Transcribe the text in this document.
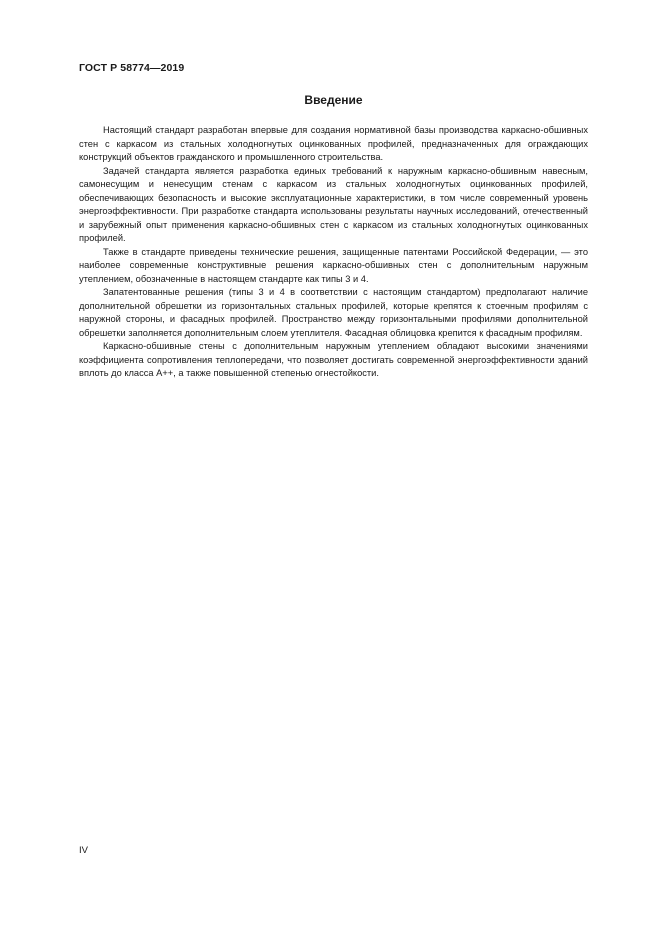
ГОСТ Р 58774—2019
Введение

Настоящий стандарт разработан впервые для создания нормативной базы производства каркасно-обшивных стен с каркасом из стальных холодногнутых оцинкованных профилей, предназначенных для ограждающих конструкций объектов гражданского и промышленного строительства.

Задачей стандарта является разработка единых требований к наружным каркасно-обшивным навесным, самонесущим и ненесущим стенам с каркасом из стальных холодногнутых оцинкованных профилей, обеспечивающих безопасность и высокие эксплуатационные характеристики, в том числе современный уровень энергоэффективности. При разработке стандарта использованы результаты научных исследований, отечественный и зарубежный опыт применения каркасно-обшивных стен с каркасом из стальных холодногнутых оцинкованных профилей.

Также в стандарте приведены технические решения, защищенные патентами Российской Федерации, — это наиболее современные конструктивные решения каркасно-обшивных стен с дополнительным наружным утеплением, обозначенные в настоящем стандарте как типы 3 и 4.

Запатентованные решения (типы 3 и 4 в соответствии с настоящим стандартом) предполагают наличие дополнительной обрешетки из горизонтальных стальных профилей, которые крепятся к стоечным профилям с наружной стороны, и фасадных профилей. Пространство между горизонтальными профилями дополнительной обрешетки заполняется дополнительным слоем утеплителя. Фасадная облицовка крепится к фасадным профилям.

Каркасно-обшивные стены с дополнительным наружным утеплением обладают высокими значениями коэффициента сопротивления теплопередачи, что позволяет достигать современной энергоэффективности зданий вплоть до класса А++, а также повышенной степенью огнестойкости.

IV
